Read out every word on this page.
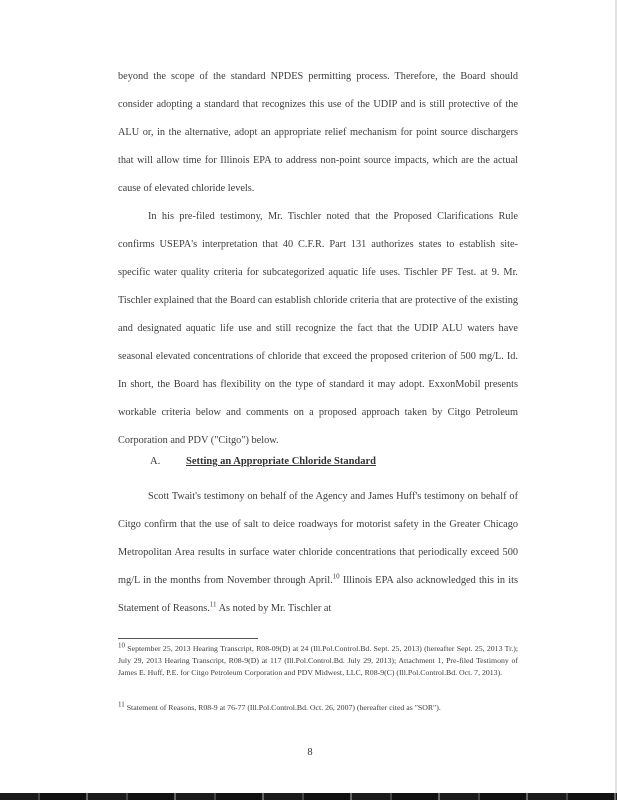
beyond the scope of the standard NPDES permitting process. Therefore, the Board should consider adopting a standard that recognizes this use of the UDIP and is still protective of the ALU or, in the alternative, adopt an appropriate relief mechanism for point source dischargers that will allow time for Illinois EPA to address non-point source impacts, which are the actual cause of elevated chloride levels.

In his pre-filed testimony, Mr. Tischler noted that the Proposed Clarifications Rule confirms USEPA's interpretation that 40 C.F.R. Part 131 authorizes states to establish site-specific water quality criteria for subcategorized aquatic life uses. Tischler PF Test. at 9. Mr. Tischler explained that the Board can establish chloride criteria that are protective of the existing and designated aquatic life use and still recognize the fact that the UDIP ALU waters have seasonal elevated concentrations of chloride that exceed the proposed criterion of 500 mg/L. Id. In short, the Board has flexibility on the type of standard it may adopt. ExxonMobil presents workable criteria below and comments on a proposed approach taken by Citgo Petroleum Corporation and PDV ("Citgo") below.

A. Setting an Appropriate Chloride Standard

Scott Twait's testimony on behalf of the Agency and James Huff's testimony on behalf of Citgo confirm that the use of salt to deice roadways for motorist safety in the Greater Chicago Metropolitan Area results in surface water chloride concentrations that periodically exceed 500 mg/L in the months from November through April.$^{10}$ Illinois EPA also acknowledged this in its Statement of Reasons.$^{11}$ As noted by Mr. Tischler at

$^{10}$ September 25, 2013 Hearing Transcript, R08-09(D) at 24 (Ill.Pol.Control.Bd. Sept. 25, 2013) (hereafter Sept. 25, 2013 Tr.); July 29, 2013 Hearing Transcript, R08-9(D) at 117 (Ill.Pol.Control.Bd. July 29, 2013); Attachment 1, Pre-filed Testimony of James E. Huff, P.E. for Citgo Petroleum Corporation and PDV Midwest, LLC, R08-9(C) (Ill.Pol.Control.Bd. Oct. 7, 2013).

$^{11}$ Statement of Reasons, R08-9 at 76-77 (Ill.Pol.Control.Bd. Oct. 26, 2007) (hereafter cited as "SOR").

8
